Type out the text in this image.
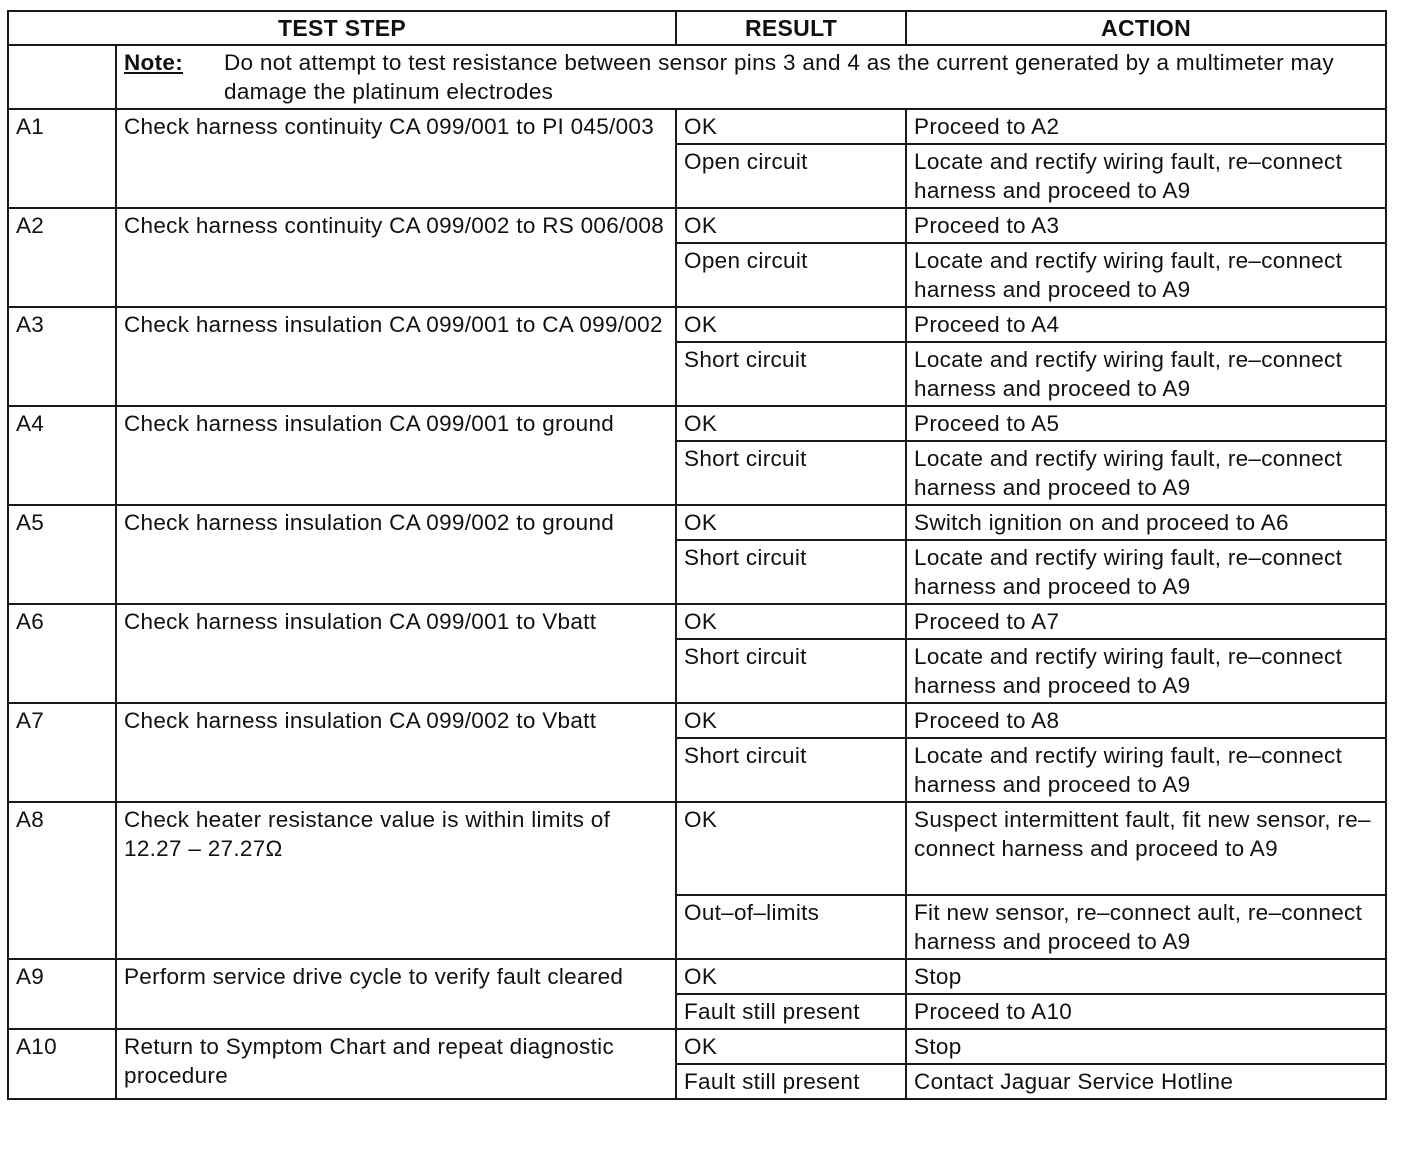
TEST STEP		RESULT	ACTION

	Note: Do not attempt to test resistance between sensor pins 3 and 4 as the current generated by a multimeter may damage the platinum electrodes		

A1	Check harness continuity CA 099/001 to PI 045/003	OK	Proceed to A2
		Open circuit	Locate and rectify wiring fault, re–connect harness and proceed to A9
A2	Check harness continuity CA 099/002 to RS 006/008	OK	Proceed to A3
		Open circuit	Locate and rectify wiring fault, re–connect harness and proceed to A9
A3	Check harness insulation CA 099/001 to CA 099/002	OK	Proceed to A4
		Short circuit	Locate and rectify wiring fault, re–connect harness and proceed to A9
A4	Check harness insulation CA 099/001 to ground	OK	Proceed to A5
		Short circuit	Locate and rectify wiring fault, re–connect harness and proceed to A9
A5	Check harness insulation CA 099/002 to ground	OK	Switch ignition on and proceed to A6
		Short circuit	Locate and rectify wiring fault, re–connect harness and proceed to A9
A6	Check harness insulation CA 099/001 to Vbatt	OK	Proceed to A7
		Short circuit	Locate and rectify wiring fault, re–connect harness and proceed to A9
A7	Check harness insulation CA 099/002 to Vbatt	OK	Proceed to A8
		Short circuit	Locate and rectify wiring fault, re–connect harness and proceed to A9
A8	Check heater resistance value is within limits of 12.27 – 27.27Ω	OK	Suspect intermittent fault, fit new sensor, re–connect harness and proceed to A9
		Out–of–limits	Fit new sensor, re–connect ault, re–connect harness and proceed to A9
A9	Perform service drive cycle to verify fault cleared	OK	Stop
		Fault still present	Proceed to A10
A10	Return to Symptom Chart and repeat diagnostic procedure	OK	Stop
		Fault still present	Contact Jaguar Service Hotline
